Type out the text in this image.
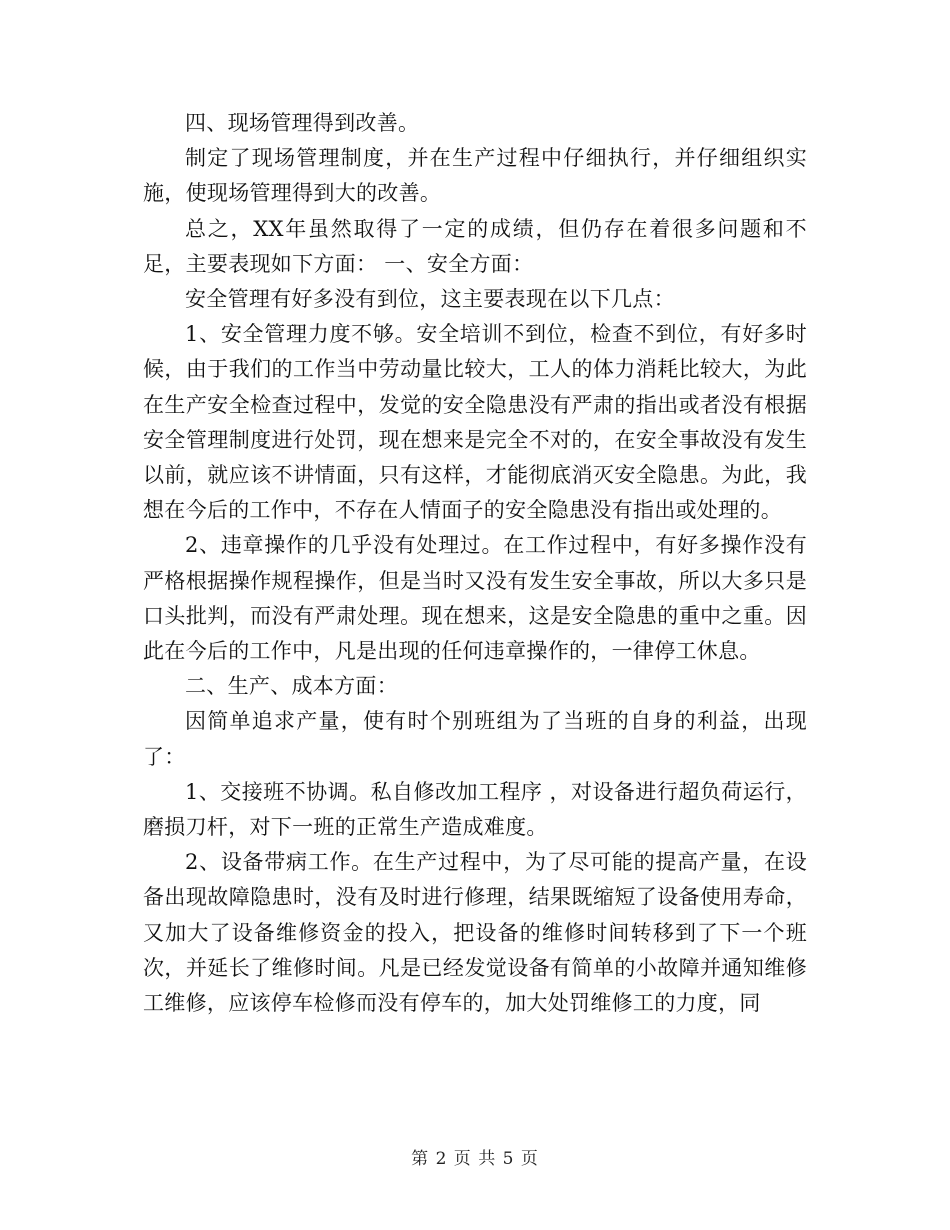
四、现场管理得到改善。

制定了现场管理制度，并在生产过程中仔细执行，并仔细组织实施，使现场管理得到大的改善。

总之，XX年虽然取得了一定的成绩，但仍存在着很多问题和不足，主要表现如下方面： 一、安全方面：

安全管理有好多没有到位，这主要表现在以下几点：

1、安全管理力度不够。安全培训不到位，检查不到位，有好多时候，由于我们的工作当中劳动量比较大，工人的体力消耗比较大，为此在生产安全检查过程中，发觉的安全隐患没有严肃的指出或者没有根据安全管理制度进行处罚，现在想来是完全不对的，在安全事故没有发生以前，就应该不讲情面，只有这样，才能彻底消灭安全隐患。为此，我想在今后的工作中，不存在人情面子的安全隐患没有指出或处理的。

2、违章操作的几乎没有处理过。在工作过程中，有好多操作没有严格根据操作规程操作，但是当时又没有发生安全事故，所以大多只是口头批判，而没有严肃处理。现在想来，这是安全隐患的重中之重。因此在今后的工作中，凡是出现的任何违章操作的，一律停工休息。

二、生产、成本方面：

因简单追求产量，使有时个别班组为了当班的自身的利益，出现了：

1、交接班不协调。私自修改加工程序 ，对设备进行超负荷运行，磨损刀杆，对下一班的正常生产造成难度。

2、设备带病工作。在生产过程中，为了尽可能的提高产量，在设备出现故障隐患时，没有及时进行修理，结果既缩短了设备使用寿命，又加大了设备维修资金的投入，把设备的维修时间转移到了下一个班次，并延长了维修时间。凡是已经发觉设备有简单的小故障并通知维修工维修，应该停车检修而没有停车的，加大处罚维修工的力度，同

第 2 页 共 5 页
